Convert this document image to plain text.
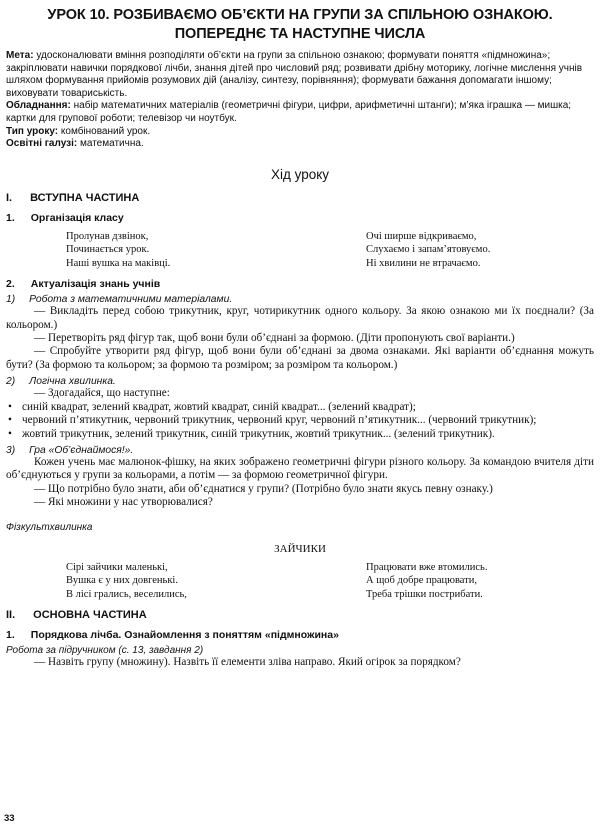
УРОК 10. РОЗБИВАЄМО ОБ’ЄКТИ НА ГРУПИ ЗА СПІЛЬНОЮ ОЗНАКОЮ.
ПОПЕРЕДНЄ ТА НАСТУПНЕ ЧИСЛА

Мета: удосконалювати вміння розподіляти об’єкти на групи за спільною ознакою; формувати поняття «підмножина»; закріплювати навички порядкової лічби, знання дітей про числовий ряд; розвивати дрібну моторику, логічне мислення учнів шляхом формування прийомів розумових дій (аналізу, синтезу, порівняння); формувати бажання допомагати іншому; виховувати товариськість.

Обладнання: набір математичних матеріалів (геометричні фігури, цифри, арифметичні штанги); м’яка іграшка — мишка; картки для групової роботи; телевізор чи ноутбук.

Тип уроку: комбінований урок.

Освітні галузі: математична.

Хід уроку
I. ВСТУПНА ЧАСТИНА
1. Організація класу
Пролунав дзвінок,
Починається урок.
Наші вушка на маківці.
Очі ширше відкриваємо,
Слухаємо і запам’ятовуємо.
Ні хвилини не втрачаємо.
2. Актуалізація знань учнів
1) Робота з математичними матеріалами.

— Викладіть перед собою трикутник, круг, чотирикутник одного кольору. За якою ознакою ми їх поєднали? (За кольором.)

— Перетворіть ряд фігур так, щоб вони були об’єднані за формою. (Діти пропонують свої варіанти.)

— Спробуйте утворити ряд фігур, щоб вони були об’єднані за двома ознаками. Які варіанти об’єднання можуть бути? (За формою та кольором; за формою та розміром; за розміром та кольором.)

2) Логічна хвилинка.

— Здогадайся, що наступне:

• синій квадрат, зелений квадрат, жовтий квадрат, синій квадрат... (зелений квадрат);

• червоний п’ятикутник, червоний трикутник, червоний круг, червоний п’ятикутник... (червоний трикутник);

• жовтий трикутник, зелений трикутник, синій трикутник, жовтий трикутник... (зелений трикутник).

3) Гра «Об’єднаймося!».

Кожен учень має малюнок-фішку, на яких зображено геометричні фігури різного кольору. За командою вчителя діти об’єднуються у групи за кольорами, а потім — за формою геометричної фігури.

— Що потрібно було знати, аби об’єднатися у групи? (Потрібно було знати якусь певну ознаку.)

— Які множини у нас утворювалися?

Фізкультхвилинка
ЗАЙЧИКИ
Сірі зайчики маленькі,
Вушка є у них довгенькі.
В лісі грались, веселились,
Працювати вже втомились.
А щоб добре працювати,
Треба трішки пострибати.
II. ОСНОВНА ЧАСТИНА
1. Порядкова лічба. Ознайомлення з поняттям «підмножина»
Робота за підручником (с. 13, завдання 2)

— Назвіть групу (множину). Назвіть її елементи зліва направо. Який огірок за порядком?

33
